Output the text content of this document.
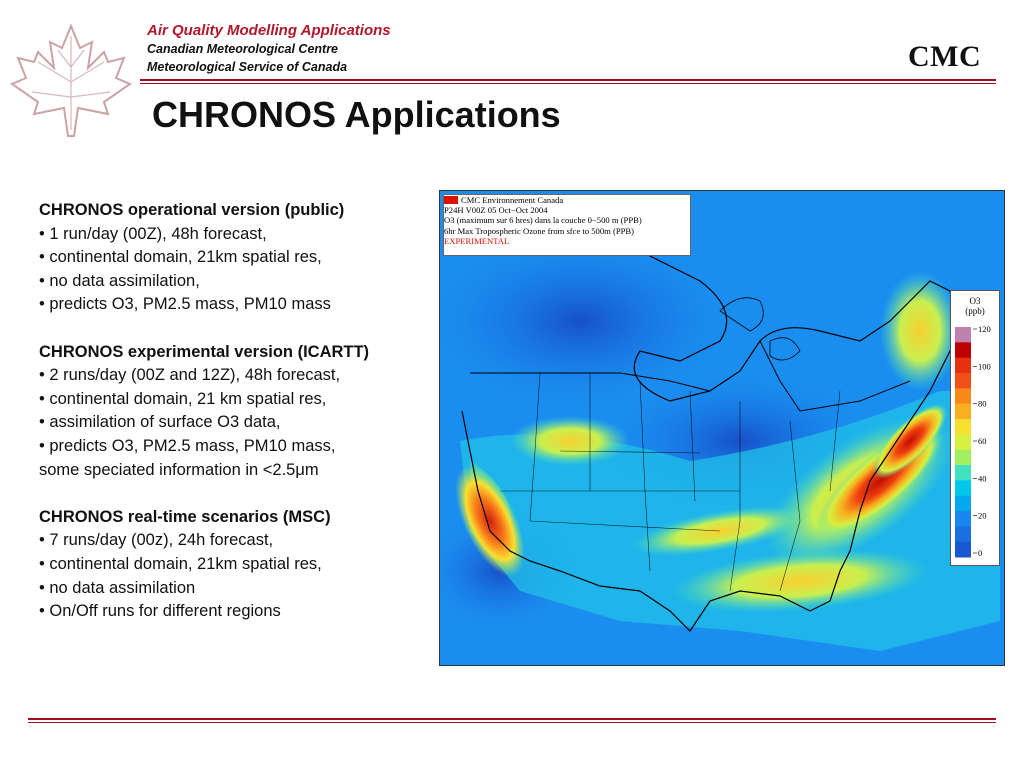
Air Quality Modelling Applications
Canadian Meteorological Centre
Meteorological Service of Canada	CMC
CHRONOS Applications
CHRONOS operational version (public)
• 1 run/day (00Z), 48h forecast,
• continental domain, 21km spatial res,
• no data assimilation,
• predicts O3, PM2.5 mass, PM10 mass
CHRONOS experimental version (ICARTT)
• 2 runs/day (00Z and 12Z), 48h forecast,
• continental domain, 21 km spatial res,
• assimilation of surface O3 data,
• predicts O3, PM2.5 mass, PM10 mass,
some speciated information in <2.5μm
CHRONOS real-time scenarios (MSC)
• 7 runs/day (00z), 24h forecast,
• continental domain, 21km spatial res,
• no data assimilation
• On/Off runs for different regions
CMC Environnement Canada
P24H V00Z 05 Oct−Oct 2004
O3 (maximum sur 6 hres) dans la couche 0−500 m (PPB)
6hr Max Tropospheric Ozone from sfce to 500m (PPB)
EXPERIMENTAL
O3
(ppb)
120
100
80
60
40
20
0
